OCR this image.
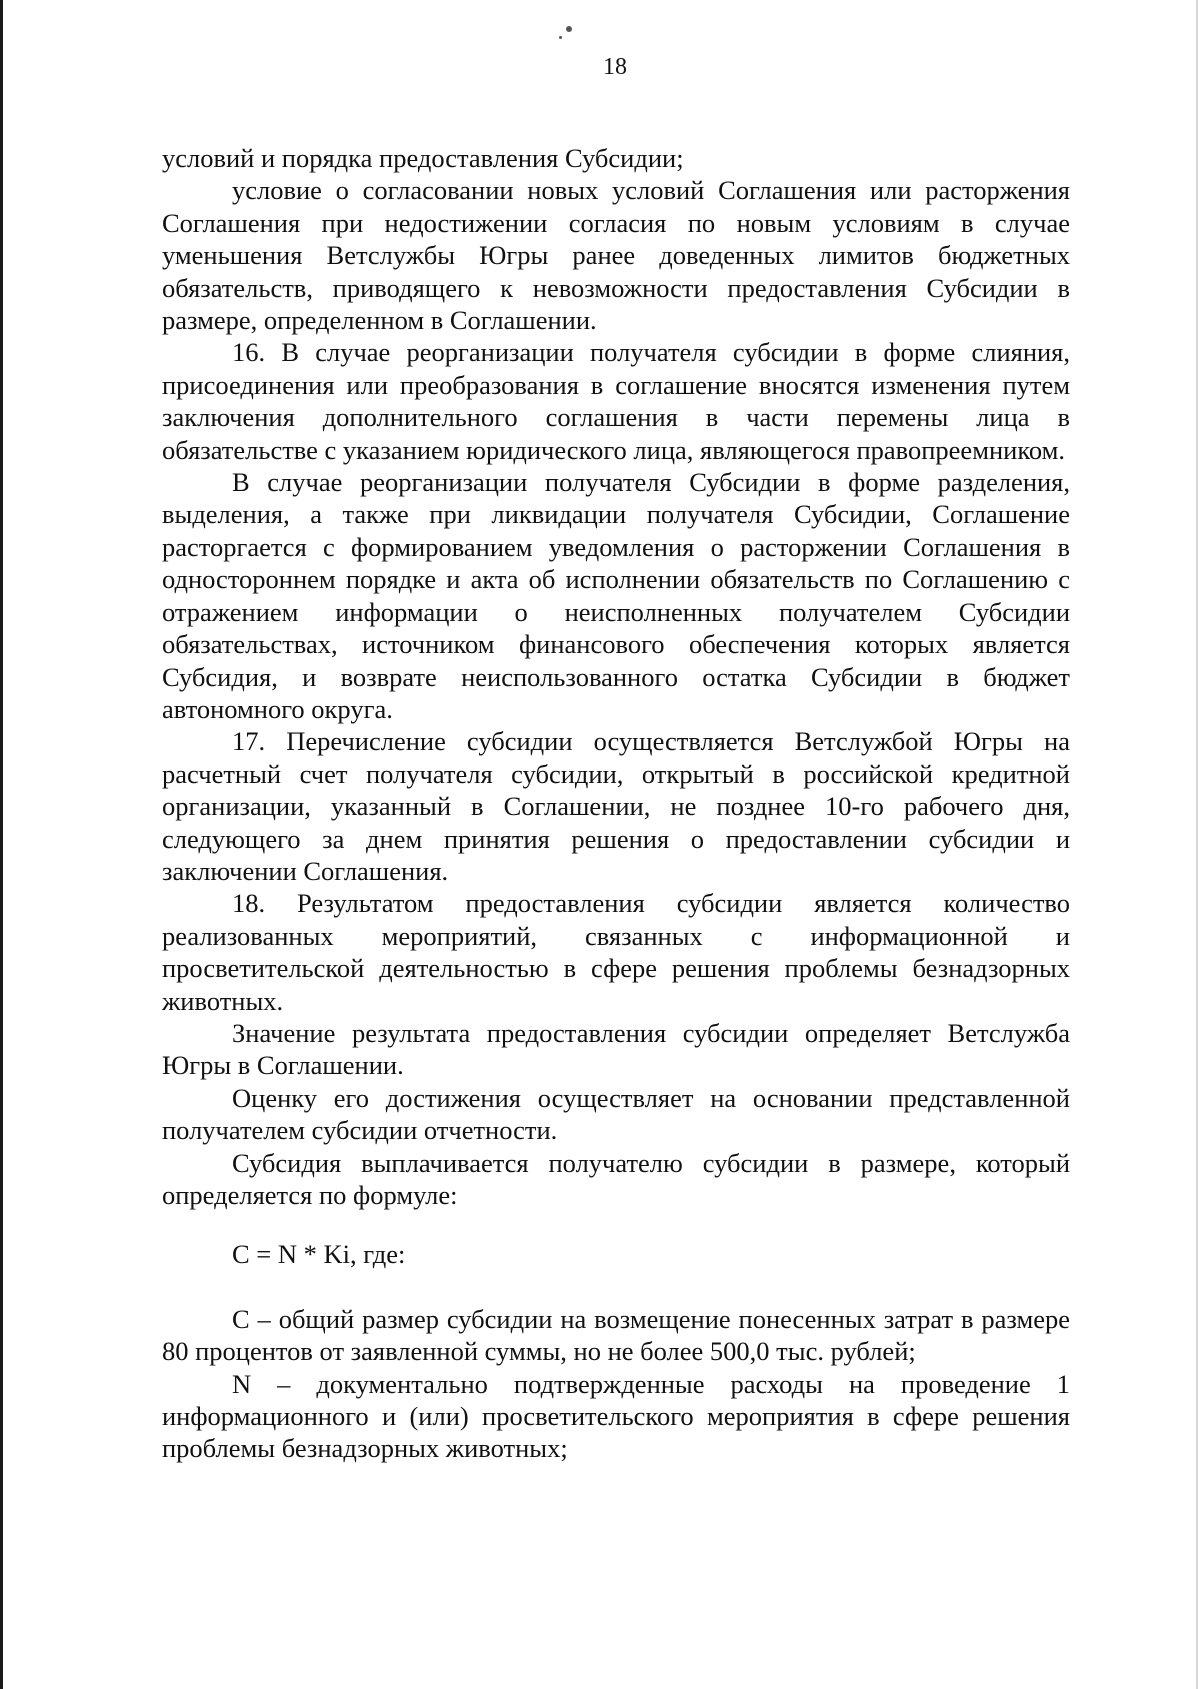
18

условий и порядка предоставления Субсидии;

условие о согласовании новых условий Соглашения или расторжения Соглашения при недостижении согласия по новым условиям в случае уменьшения Ветслужбы Югры ранее доведенных лимитов бюджетных обязательств, приводящего к невозможности предоставления Субсидии в размере, определенном в Соглашении.

16. В случае реорганизации получателя субсидии в форме слияния, присоединения или преобразования в соглашение вносятся изменения путем заключения дополнительного соглашения в части перемены лица в обязательстве с указанием юридического лица, являющегося правопреемником.

В случае реорганизации получателя Субсидии в форме разделения, выделения, а также при ликвидации получателя Субсидии, Соглашение расторгается с формированием уведомления о расторжении Соглашения в одностороннем порядке и акта об исполнении обязательств по Соглашению с отражением информации о неисполненных получателем Субсидии обязательствах, источником финансового обеспечения которых является Субсидия, и возврате неиспользованного остатка Субсидии в бюджет автономного округа.

17. Перечисление субсидии осуществляется Ветслужбой Югры на расчетный счет получателя субсидии, открытый в российской кредитной организации, указанный в Соглашении, не позднее 10-го рабочего дня, следующего за днем принятия решения о предоставлении субсидии и заключении Соглашения.

18. Результатом предоставления субсидии является количество реализованных мероприятий, связанных с информационной и просветительской деятельностью в сфере решения проблемы безнадзорных животных.

Значение результата предоставления субсидии определяет Ветслужба Югры в Соглашении.

Оценку его достижения осуществляет на основании представленной получателем субсидии отчетности.

Субсидия выплачивается получателю субсидии в размере, который определяется по формуле:

C = N * Ki, где:

C – общий размер субсидии на возмещение понесенных затрат в размере 80 процентов от заявленной суммы, но не более 500,0 тыс. рублей;

N – документально подтвержденные расходы на проведение 1 информационного и (или) просветительского мероприятия в сфере решения проблемы безнадзорных животных;
